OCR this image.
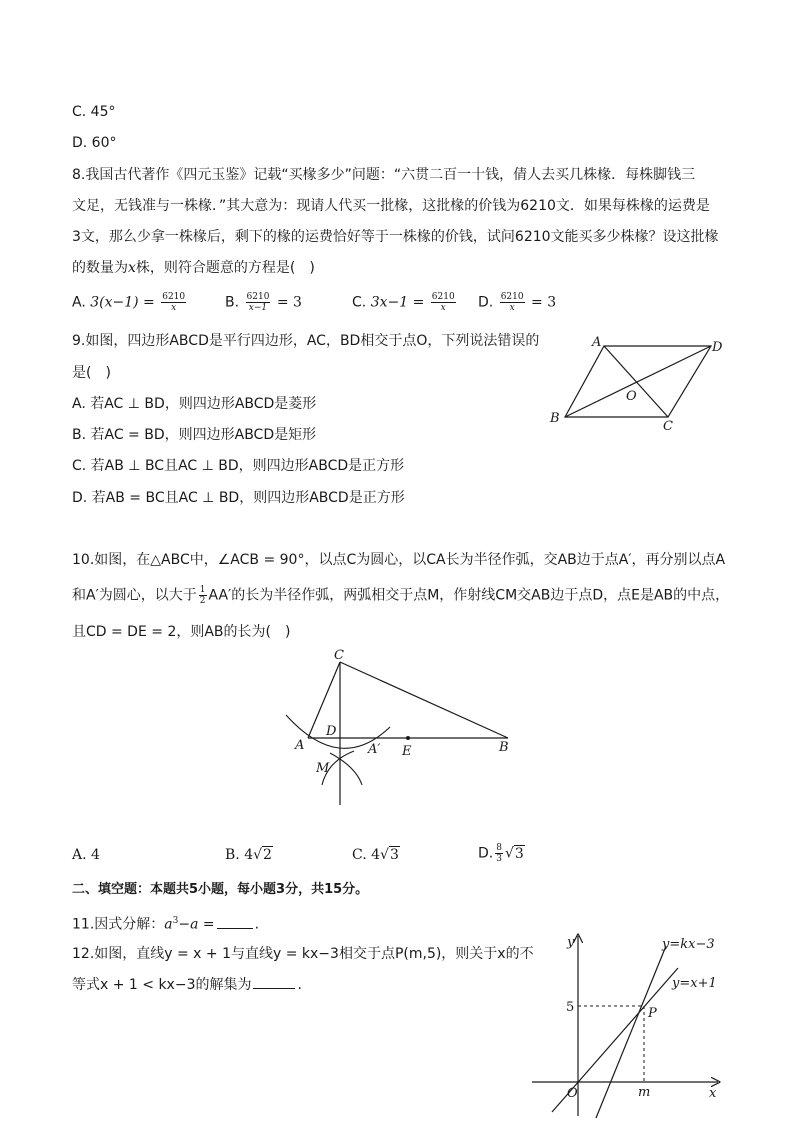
C. 45°
D. 60°
8.我国古代著作《四元玉鉴》记载“买椽多少”问题：“六贯二百一十钱，倩人去买几株椽．每株脚钱三
文足，无钱准与一株椽．”其大意为：现请人代买一批椽，这批椽的价钱为6210文．如果每株椽的运费是
3文，那么少拿一株椽后，剩下的椽的运费恰好等于一株椽的价钱，试问6210文能买多少株椽？设这批椽
的数量为x株，则符合题意的方程是(　)
A. $3(x-1) = \frac{6210}{x}$	B. $\frac{6210}{x-1} = 3$	C. $3x-1 = \frac{6210}{x} D$. $\frac{6210}{x} = 3$
9.如图，四边形ABCD是平行四边形，AC，BD相交于点O，下列说法错误的
是(　)
A. 若AC ⊥ BD，则四边形ABCD是菱形
B. 若AC = BD，则四边形ABCD是矩形
C. 若AB ⊥ BC且AC ⊥ BD，则四边形ABCD是正方形
D. 若AB = BC且AC ⊥ BD，则四边形ABCD是正方形
A	D
O
B
C
10.如图，在△ABC中，∠ACB = 90°，以点C为圆心，以CA长为半径作弧，交AB边于点A′，再分别以点A
和A′为圆心，以大于 $\frac{1}{2} AA'$的长为半径作弧，两弧相交于点M，作射线CM交AB边于点D，点E是AB的中点，
且CD = DE = 2，则AB的长为(　)
C
D
A	A′ E	B
M
A. 4	B. 4√2	C. 4√3	D. $\frac{8}{3} √3$
二、填空题：本题共5小题，每小题3分，共15分。
11.因式分解：$a^3-a$ =	.
12.如图，直线y = x + 1与直线y = kx−3相交于点P(m,5)，则关于x的不
等式x + 1 < kx−3的解集为	.
y
x
O
5
m
P
y=kx−3
y=x+1
